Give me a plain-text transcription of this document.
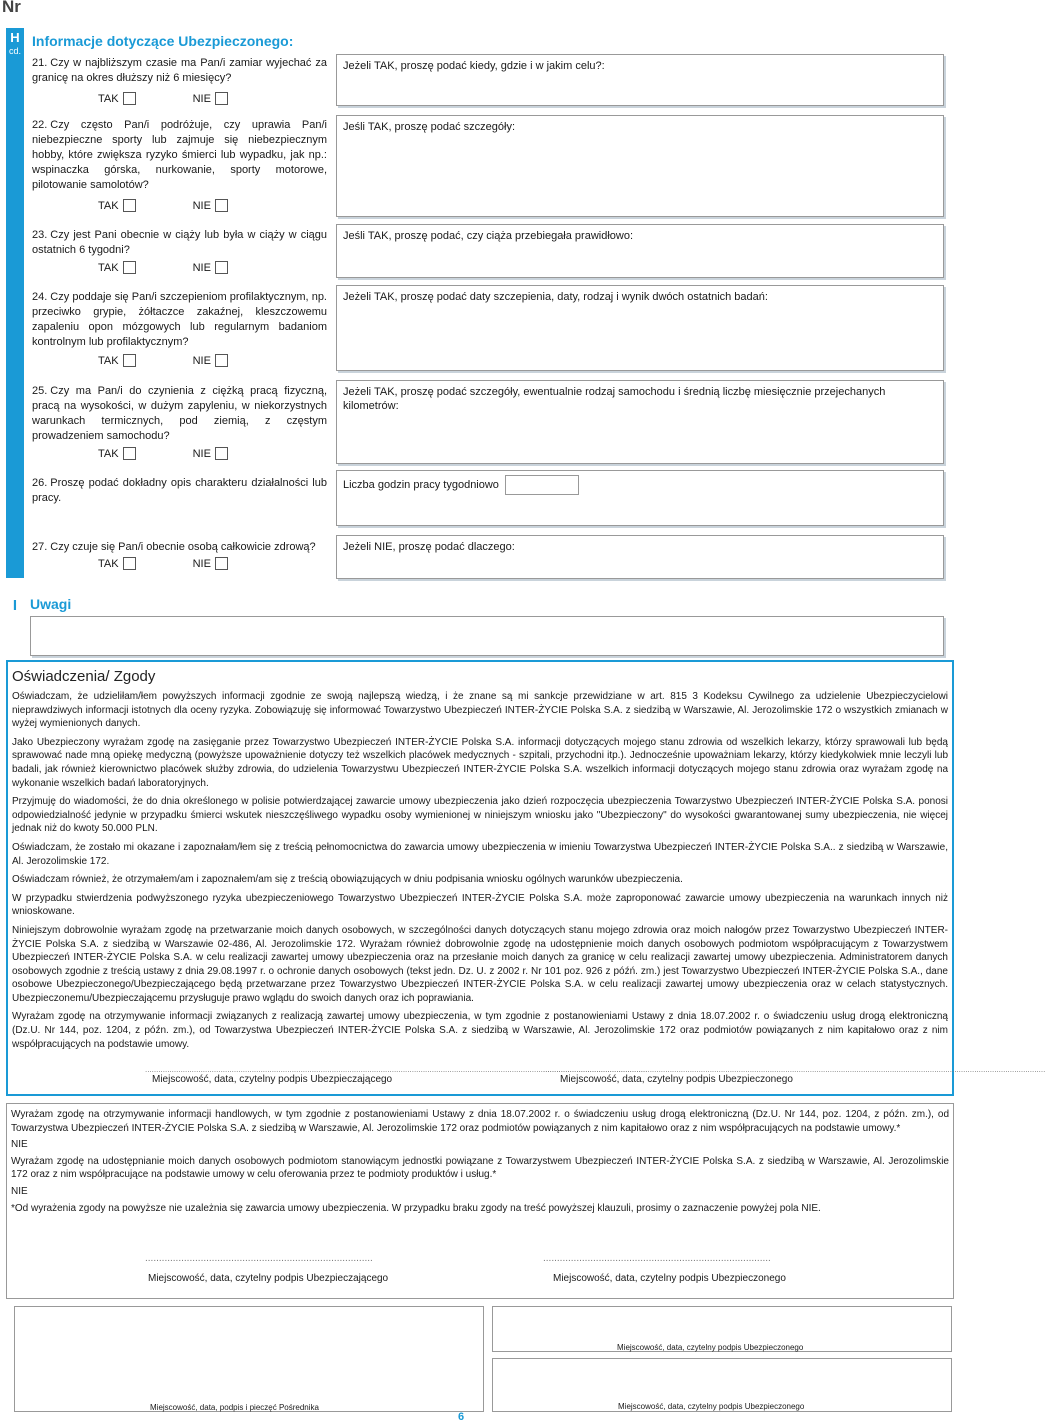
Nr
H
cd.
Informacje dotyczące Ubezpieczonego:
21. Czy w najbliższym czasie ma Pan/i zamiar wyjechać za granicę na okres dłuższy niż 6 miesięcy?
TAK	NIE
Jeżeli TAK, proszę podać kiedy, gdzie i w jakim celu?:
22. Czy często Pan/i podróżuje, czy uprawia Pan/i niebezpieczne sporty lub zajmuje się niebezpiecznym hobby, które zwiększa ryzyko śmierci lub wypadku, jak np.: wspinaczka górska, nurkowanie, sporty motorowe, pilotowanie samolotów?
TAK	NIE
Jeśli TAK, proszę podać szczegóły:
23. Czy jest Pani obecnie w ciąży lub była w ciąży w ciągu ostatnich 6 tygodni?
TAK	NIE
Jeśli TAK, proszę podać, czy ciąża przebiegała prawidłowo:
24. Czy poddaje się Pan/i szczepieniom profilaktycznym, np. przeciwko grypie, żółtaczce zakaźnej, kleszczowemu zapaleniu opon mózgowych lub regularnym badaniom kontrolnym lub profilaktycznym?
TAK	NIE
Jeżeli TAK, proszę podać daty szczepienia, daty, rodzaj i wynik dwóch ostatnich badań:
25. Czy ma Pan/i do czynienia z ciężką pracą fizyczną, pracą na wysokości, w dużym zapyleniu, w niekorzystnych warunkach termicznych, pod ziemią, z częstym prowadzeniem samochodu?
TAK	NIE
Jeżeli TAK, proszę podać szczegóły, ewentualnie rodzaj samochodu i średnią liczbę miesięcznie przejechanych kilometrów:
26. Proszę podać dokładny opis charakteru działalności lub pracy.
Liczba godzin pracy tygodniowo
27. Czy czuje się Pan/i obecnie osobą całkowicie zdrową?
TAK	NIE
Jeżeli NIE, proszę podać dlaczego:
I Uwagi
Oświadczenia/ Zgody

Oświadczam, że udzieliłam/łem powyższych informacji zgodnie ze swoją najlepszą wiedzą, i że znane są mi sankcje przewidziane w art. 815 3 Kodeksu Cywilnego za udzielenie Ubezpieczycielowi nieprawdziwych informacji istotnych dla oceny ryzyka. Zobowiązuję się informować Towarzystwo Ubezpieczeń INTER-ŻYCIE Polska S.A. z siedzibą w Warszawie, Al. Jerozolimskie 172 o wszystkich zmianach w wyżej wymienionych danych.

Jako Ubezpieczony wyrażam zgodę na zasięganie przez Towarzystwo Ubezpieczeń INTER-ŻYCIE Polska S.A. informacji dotyczących mojego stanu zdrowia od wszelkich lekarzy, którzy sprawowali lub będą sprawować nade mną opiekę medyczną (powyższe upoważnienie dotyczy też wszelkich placówek medycznych - szpitali, przychodni itp.). Jednocześnie upoważniam lekarzy, którzy kiedykolwiek mnie leczyli lub badali, jak również kierownictwo placówek służby zdrowia, do udzielenia Towarzystwu Ubezpieczeń INTER-ŻYCIE Polska S.A. wszelkich informacji dotyczących mojego stanu zdrowia oraz wyrażam zgodę na wykonanie wszelkich badań laboratoryjnych.

Przyjmuję do wiadomości, że do dnia określonego w polisie potwierdzającej zawarcie umowy ubezpieczenia jako dzień rozpoczęcia ubezpieczenia Towarzystwo Ubezpieczeń INTER-ŻYCIE Polska S.A. ponosi odpowiedzialność jedynie w przypadku śmierci wskutek nieszczęśliwego wypadku osoby wymienionej w niniejszym wniosku jako "Ubezpieczony" do wysokości gwarantowanej sumy ubezpieczenia, nie więcej jednak niż do kwoty 50.000 PLN.

Oświadczam, że zostało mi okazane i zapoznałam/łem się z treścią pełnomocnictwa do zawarcia umowy ubezpieczenia w imieniu Towarzystwa Ubezpieczeń INTER-ŻYCIE Polska S.A.. z siedzibą w Warszawie, Al. Jerozolimskie 172.

Oświadczam również, że otrzymałem/am i zapoznałem/am się z treścią obowiązujących w dniu podpisania wniosku ogólnych warunków ubezpieczenia.

W przypadku stwierdzenia podwyższonego ryzyka ubezpieczeniowego Towarzystwo Ubezpieczeń INTER-ŻYCIE Polska S.A. może zaproponować zawarcie umowy ubezpieczenia na warunkach innych niż wnioskowane.

Niniejszym dobrowolnie wyrażam zgodę na przetwarzanie moich danych osobowych, w szczególności danych dotyczących stanu mojego zdrowia oraz moich nałogów przez Towarzystwo Ubezpieczeń INTER-ŻYCIE Polska S.A. z siedzibą w Warszawie 02-486, Al. Jerozolimskie 172. Wyrażam również dobrowolnie zgodę na udostępnienie moich danych osobowych podmiotom współpracującym z Towarzystwem Ubezpieczeń INTER-ŻYCIE Polska S.A. w celu realizacji zawartej umowy ubezpieczenia oraz na przesłanie moich danych za granicę w celu realizacji zawartej umowy ubezpieczenia. Administratorem danych osobowych zgodnie z treścią ustawy z dnia 29.08.1997 r. o ochronie danych osobowych (tekst jedn. Dz. U. z 2002 r. Nr 101 poz. 926 z późń. zm.) jest Towarzystwo Ubezpieczeń INTER-ŻYCIE Polska S.A., dane osobowe Ubezpieczonego/Ubezpieczającego będą przetwarzane przez Towarzystwo Ubezpieczeń INTER-ŻYCIE Polska S.A. w celu realizacji zawartej umowy ubezpieczenia oraz w celach statystycznych. Ubezpieczonemu/Ubezpieczającemu przysługuje prawo wglądu do swoich danych oraz ich poprawiania.

Wyrażam zgodę na otrzymywanie informacji związanych z realizacją zawartej umowy ubezpieczenia, w tym zgodnie z postanowieniami Ustawy z dnia 18.07.2002 r. o świadczeniu usług drogą elektroniczną (Dz.U. Nr 144, poz. 1204, z późn. zm.), od Towarzystwa Ubezpieczeń INTER-ŻYCIE Polska S.A. z siedzibą w Warszawie, Al. Jerozolimskie 172 oraz podmiotów powiązanych z nim kapitałowo oraz z nim współpracujących na podstawie umowy.

..................................................................................................................................................................................................................................
Miejscowość, data, czytelny podpis Ubezpieczającego
..................................................................................................................................................................................................................................
Miejscowość, data, czytelny podpis Ubezpieczonego

Wyrażam zgodę na otrzymywanie informacji handlowych, w tym zgodnie z postanowieniami Ustawy z dnia 18.07.2002 r. o świadczeniu usług drogą elektroniczną (Dz.U. Nr 144, poz. 1204, z późn. zm.), od Towarzystwa Ubezpieczeń INTER-ŻYCIE Polska S.A. z siedzibą w Warszawie, Al. Jerozolimskie 172 oraz podmiotów powiązanych z nim kapitałowo oraz z nim współpracujących na podstawie umowy.*

NIE

Wyrażam zgodę na udostępnianie moich danych osobowych podmiotom stanowiącym jednostki powiązane z Towarzystwem Ubezpieczeń INTER-ŻYCIE Polska S.A. z siedzibą w Warszawie, Al. Jerozolimskie 172 oraz z nim współpracujące na podstawie umowy w celu oferowania przez te podmioty produktów i usług.*

NIE

*Od wyrażenia zgody na powyższe nie uzależnia się zawarcia umowy ubezpieczenia. W przypadku braku zgody na treść powyższej klauzuli, prosimy o zaznaczenie powyżej pola NIE.

..................................................................................
Miejscowość, data, czytelny podpis Ubezpieczającego
..................................................................................
Miejscowość, data, czytelny podpis Ubezpieczonego
Miejscowość, data, podpis i pieczęć Pośrednika
Miejscowość, data, czytelny podpis Ubezpieczonego
Miejscowość, data, czytelny podpis Ubezpieczonego
6
